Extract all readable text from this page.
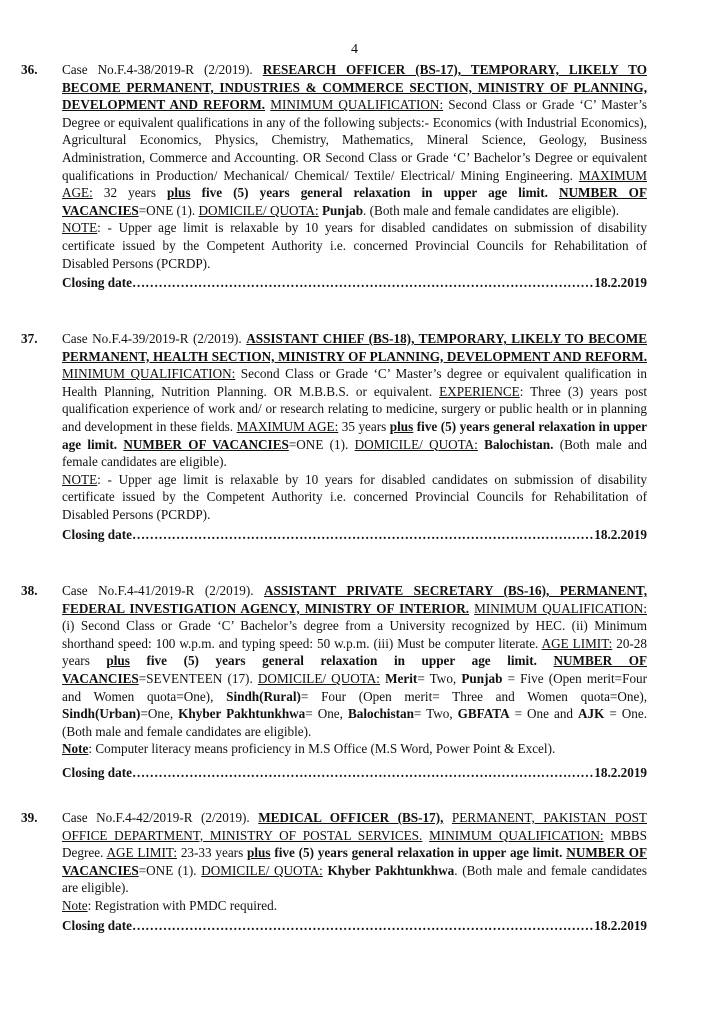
4
36. Case No.F.4-38/2019-R (2/2019). RESEARCH OFFICER (BS-17), TEMPORARY, LIKELY TO BECOME PERMANENT, INDUSTRIES & COMMERCE SECTION, MINISTRY OF PLANNING, DEVELOPMENT AND REFORM. MINIMUM QUALIFICATION: Second Class or Grade ‘C’ Master’s Degree or equivalent qualifications in any of the following subjects:- Economics (with Industrial Economics), Agricultural Economics, Physics, Chemistry, Mathematics, Mineral Science, Geology, Business Administration, Commerce and Accounting. OR Second Class or Grade ‘C’ Bachelor’s Degree or equivalent qualifications in Production/ Mechanical/ Chemical/ Textile/ Electrical/ Mining Engineering. MAXIMUM AGE: 32 years plus five (5) years general relaxation in upper age limit. NUMBER OF VACANCIES=ONE (1). DOMICILE/ QUOTA: Punjab. (Both male and female candidates are eligible).

NOTE: - Upper age limit is relaxable by 10 years for disabled candidates on submission of disability certificate issued by the Competent Authority i.e. concerned Provincial Councils for Rehabilitation of Disabled Persons (PCRDP).

Closing date ………………………………………………………………………………………………………………………………………………	18.2.2019
37. Case No.F.4-39/2019-R (2/2019). ASSISTANT CHIEF (BS-18), TEMPORARY, LIKELY TO BECOME PERMANENT, HEALTH SECTION, MINISTRY OF PLANNING, DEVELOPMENT AND REFORM. MINIMUM QUALIFICATION: Second Class or Grade ‘C’ Master’s degree or equivalent qualification in Health Planning, Nutrition Planning. OR M.B.B.S. or equivalent. EXPERIENCE: Three (3) years post qualification experience of work and/ or research relating to medicine, surgery or public health or in planning and development in these fields. MAXIMUM AGE: 35 years plus five (5) years general relaxation in upper age limit. NUMBER OF VACANCIES=ONE (1). DOMICILE/ QUOTA: Balochistan. (Both male and female candidates are eligible).

NOTE: - Upper age limit is relaxable by 10 years for disabled candidates on submission of disability certificate issued by the Competent Authority i.e. concerned Provincial Councils for Rehabilitation of Disabled Persons (PCRDP).

Closing date ………………………………………………………………………………………………………………………………………………	18.2.2019
38. Case No.F.4-41/2019-R (2/2019). ASSISTANT PRIVATE SECRETARY (BS-16), PERMANENT, FEDERAL INVESTIGATION AGENCY, MINISTRY OF INTERIOR. MINIMUM QUALIFICATION: (i) Second Class or Grade ‘C’ Bachelor’s degree from a University recognized by HEC. (ii) Minimum shorthand speed: 100 w.p.m. and typing speed: 50 w.p.m. (iii) Must be computer literate. AGE LIMIT: 20-28 years plus five (5) years general relaxation in upper age limit. NUMBER OF VACANCIES=SEVENTEEN (17). DOMICILE/ QUOTA: Merit= Two, Punjab = Five (Open merit=Four and Women quota=One), Sindh(Rural)= Four (Open merit= Three and Women quota=One), Sindh(Urban)=One, Khyber Pakhtunkhwa= One, Balochistan= Two, GBFATA = One and AJK = One. (Both male and female candidates are eligible).

Note: Computer literacy means proficiency in M.S Office (M.S Word, Power Point & Excel).

Closing date ………………………………………………………………………………………………………………………………………………	18.2.2019
39. Case No.F.4-42/2019-R (2/2019). MEDICAL OFFICER (BS-17), PERMANENT, PAKISTAN POST OFFICE DEPARTMENT, MINISTRY OF POSTAL SERVICES. MINIMUM QUALIFICATION: MBBS Degree. AGE LIMIT: 23-33 years plus five (5) years general relaxation in upper age limit. NUMBER OF VACANCIES=ONE (1). DOMICILE/ QUOTA: Khyber Pakhtunkhwa. (Both male and female candidates are eligible).

Note: Registration with PMDC required.

Closing date ………………………………………………………………………………………………………………………………………………	18.2.2019
